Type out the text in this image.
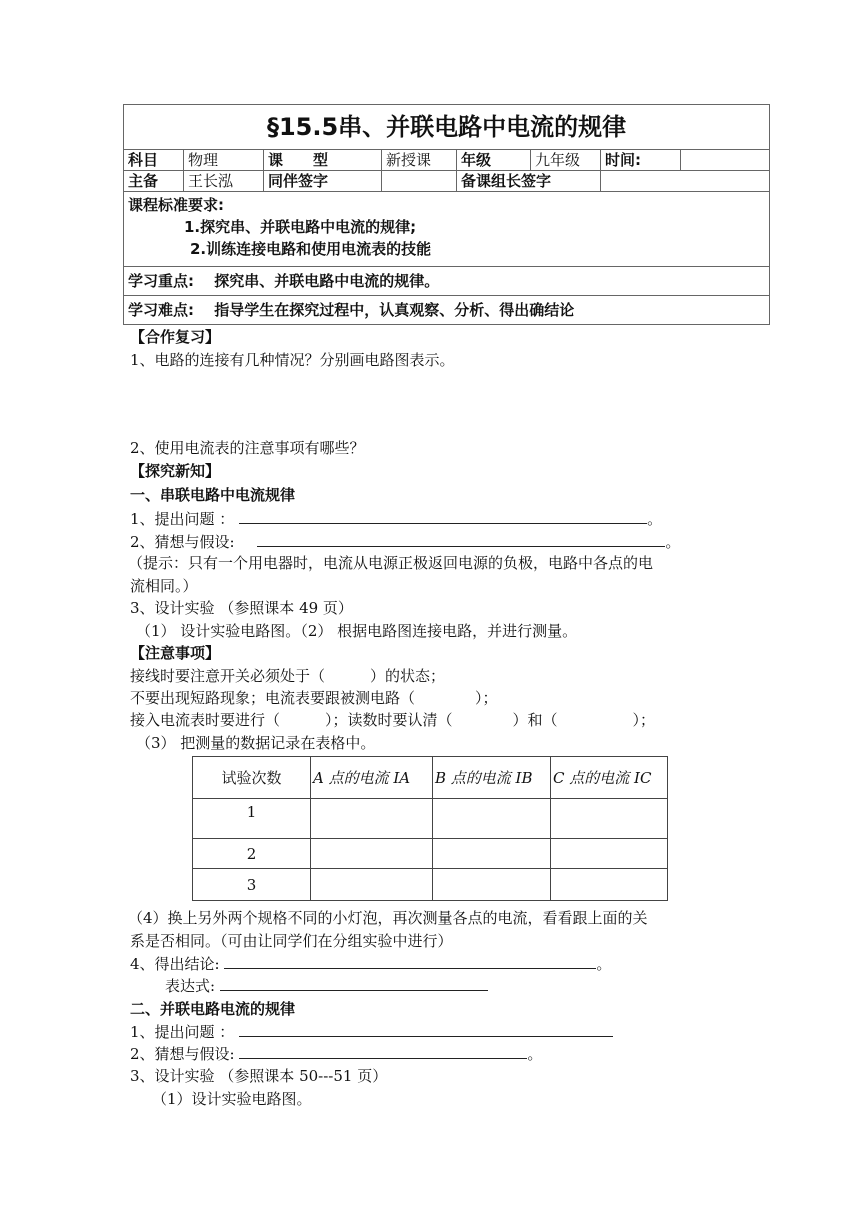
§15.5串、并联电路中电流的规律							
科目	物理	课　　型	新授课	年级	九年级	时间:	
主备	王长泓	同伴签字		备课组长签字			

课程标准要求:
1.探究串、并联电路中电流的规律;
2.训练连接电路和使用电流表的技能							

学习重点:　 探究串、并联电路中电流的规律。							
学习难点:　 指导学生在探究过程中，认真观察、分析、得出确结论							
【合作复习】
1、电路的连接有几种情况？分别画电路图表示。
2、使用电流表的注意事项有哪些？
【探究新知】
一、串联电路中电流规律
1、提出问题 ：	。
2、猜想与假设:	。
（提示：只有一个用电器时，电流从电源正极返回电源的负极，电路中各点的电
流相同。）
3、设计实验 （参照课本 49 页）
（1） 设计实验电路图。（2） 根据电路图连接电路，并进行测量。
【注意事项】
接线时要注意开关必须处于（　　　）的状态；
不要出现短路现象；电流表要跟被测电路（　　　　）；
接入电流表时要进行（　　　）；读数时要认清（　　　　）和（　　　　　）；
（3） 把测量的数据记录在表格中。
试验次数	A 点的电流 IA	B 点的电流 IB	C 点的电流 IC
1			
2			
3			
（4）换上另外两个规格不同的小灯泡，再次测量各点的电流，看看跟上面的关
系是否相同。（可由让同学们在分组实验中进行）
4、得出结论:	。
表达式:
二、并联电路电流的规律
1、提出问题 ：
2、猜想与假设:	。
3、设计实验 （参照课本 50---51 页）
（1）设计实验电路图。
